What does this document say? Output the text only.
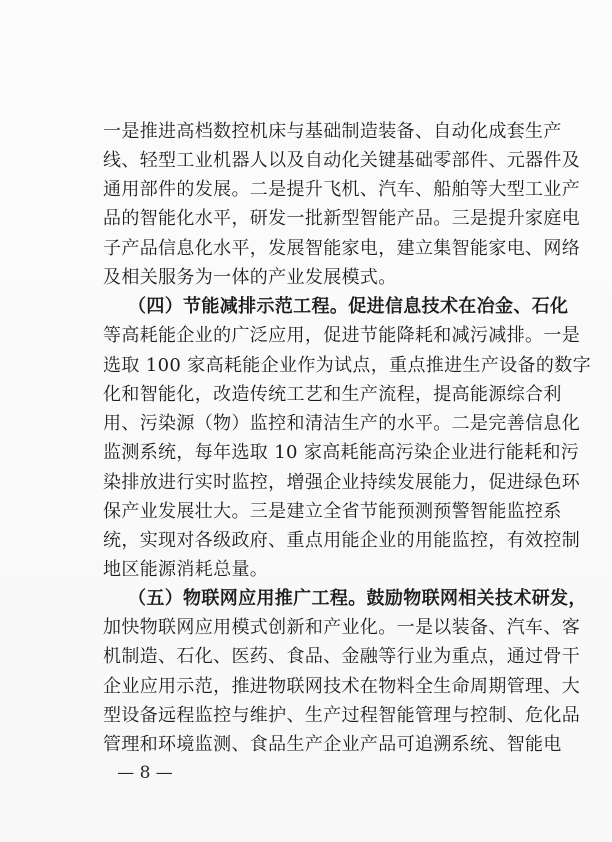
一是推进高档数控机床与基础制造装备、自动化成套生产
线、轻型工业机器人以及自动化关键基础零部件、元器件及
通用部件的发展。二是提升飞机、汽车、船舶等大型工业产
品的智能化水平，研发一批新型智能产品。三是提升家庭电
子产品信息化水平，发展智能家电，建立集智能家电、网络
及相关服务为一体的产业发展模式。
（四）节能减排示范工程。促进信息技术在冶金、石化
等高耗能企业的广泛应用，促进节能降耗和减污减排。一是
选取 100 家高耗能企业作为试点，重点推进生产设备的数字
化和智能化，改造传统工艺和生产流程，提高能源综合利
用、污染源（物）监控和清洁生产的水平。二是完善信息化
监测系统，每年选取 10 家高耗能高污染企业进行能耗和污
染排放进行实时监控，增强企业持续发展能力，促进绿色环
保产业发展壮大。三是建立全省节能预测预警智能监控系
统，实现对各级政府、重点用能企业的用能监控，有效控制
地区能源消耗总量。
（五）物联网应用推广工程。鼓励物联网相关技术研发，
加快物联网应用模式创新和产业化。一是以装备、汽车、客
机制造、石化、医药、食品、金融等行业为重点，通过骨干
企业应用示范，推进物联网技术在物料全生命周期管理、大
型设备远程监控与维护、生产过程智能管理与控制、危化品
管理和环境监测、食品生产企业产品可追溯系统、智能电
— 8 —
